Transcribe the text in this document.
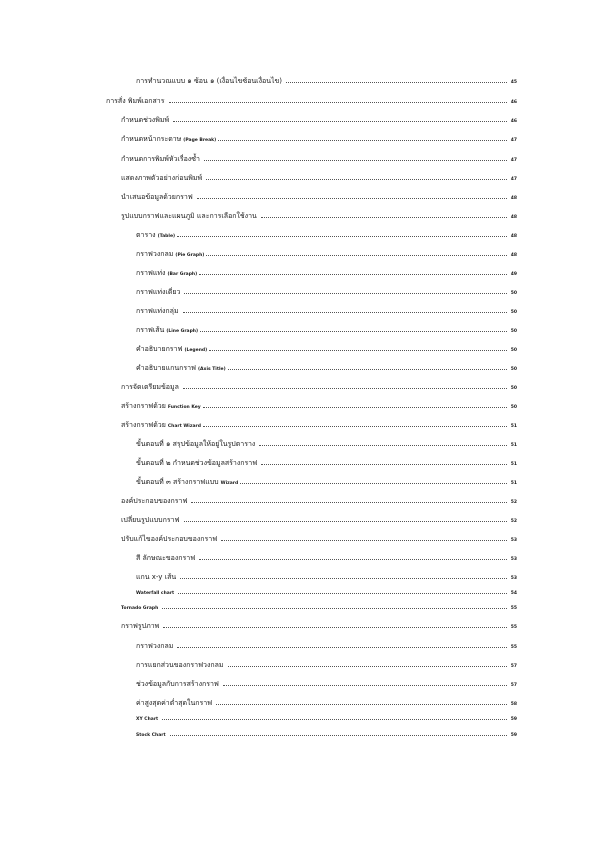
การทำนวณแบบ ๑ ซ้อน ๑ (เงื่อนไขซ้อนเงื่อนไข)	45
การสั่ง พิมพ์เอกสาร	46
กำหนดช่วงพิมพ์	46
กำหนดหน้ากระดาษ (Page Break)	47
กำหนดการพิมพ์หัวเรื่องซ้ำ	47
แสดงภาพตัวอย่างก่อนพิมพ์	47
นำเสนอข้อมูลด้วยกราฟ	48
รูปแบบกราฟและแผนภูมิ และการเลือกใช้งาน	48
ตาราง (Table)	48
กราฟวงกลม (Pie Graph)	48
กราฟแท่ง (Bar Graph)	49
กราฟแท่งเดี่ยว	50
กราฟแท่งกลุ่ม	50
กราฟเส้น (Line Graph)	50
คำอธิบายกราฟ (Legend)	50
คำอธิบายแกนกราฟ (Axis Title)	50
การจัดเตรียมข้อมูล	50
สร้างกราฟด้วย Function Key	50
สร้างกราฟด้วย Chart Wizard	51
ขั้นตอนที่ ๑ สรุปข้อมูลให้อยู่ในรูปตาราง	51
ขั้นตอนที่ ๒ กำหนดช่วงข้อมูลสร้างกราฟ	51
ขั้นตอนที่ ๓ สร้างกราฟแบบ Wizard	51
องค์ประกอบของกราฟ	52
เปลี่ยนรูปแบบกราฟ	52
ปรับแก้ไของค์ประกอบของกราฟ	53
สี ลักษณะของกราฟ	53
แกน x-y เส้น	53
Waterfall chart	54
Tornado Graph	55
กราฟรูปภาพ	55
กราฟวงกลม	55
การแยกส่วนของกราฟวงกลม	57
ช่วงข้อมูลกับการสร้างกราฟ	57
ค่าสูงสุดค่าต่ำสุดในกราฟ	58
XY Chart	59
Stock Chart	59
